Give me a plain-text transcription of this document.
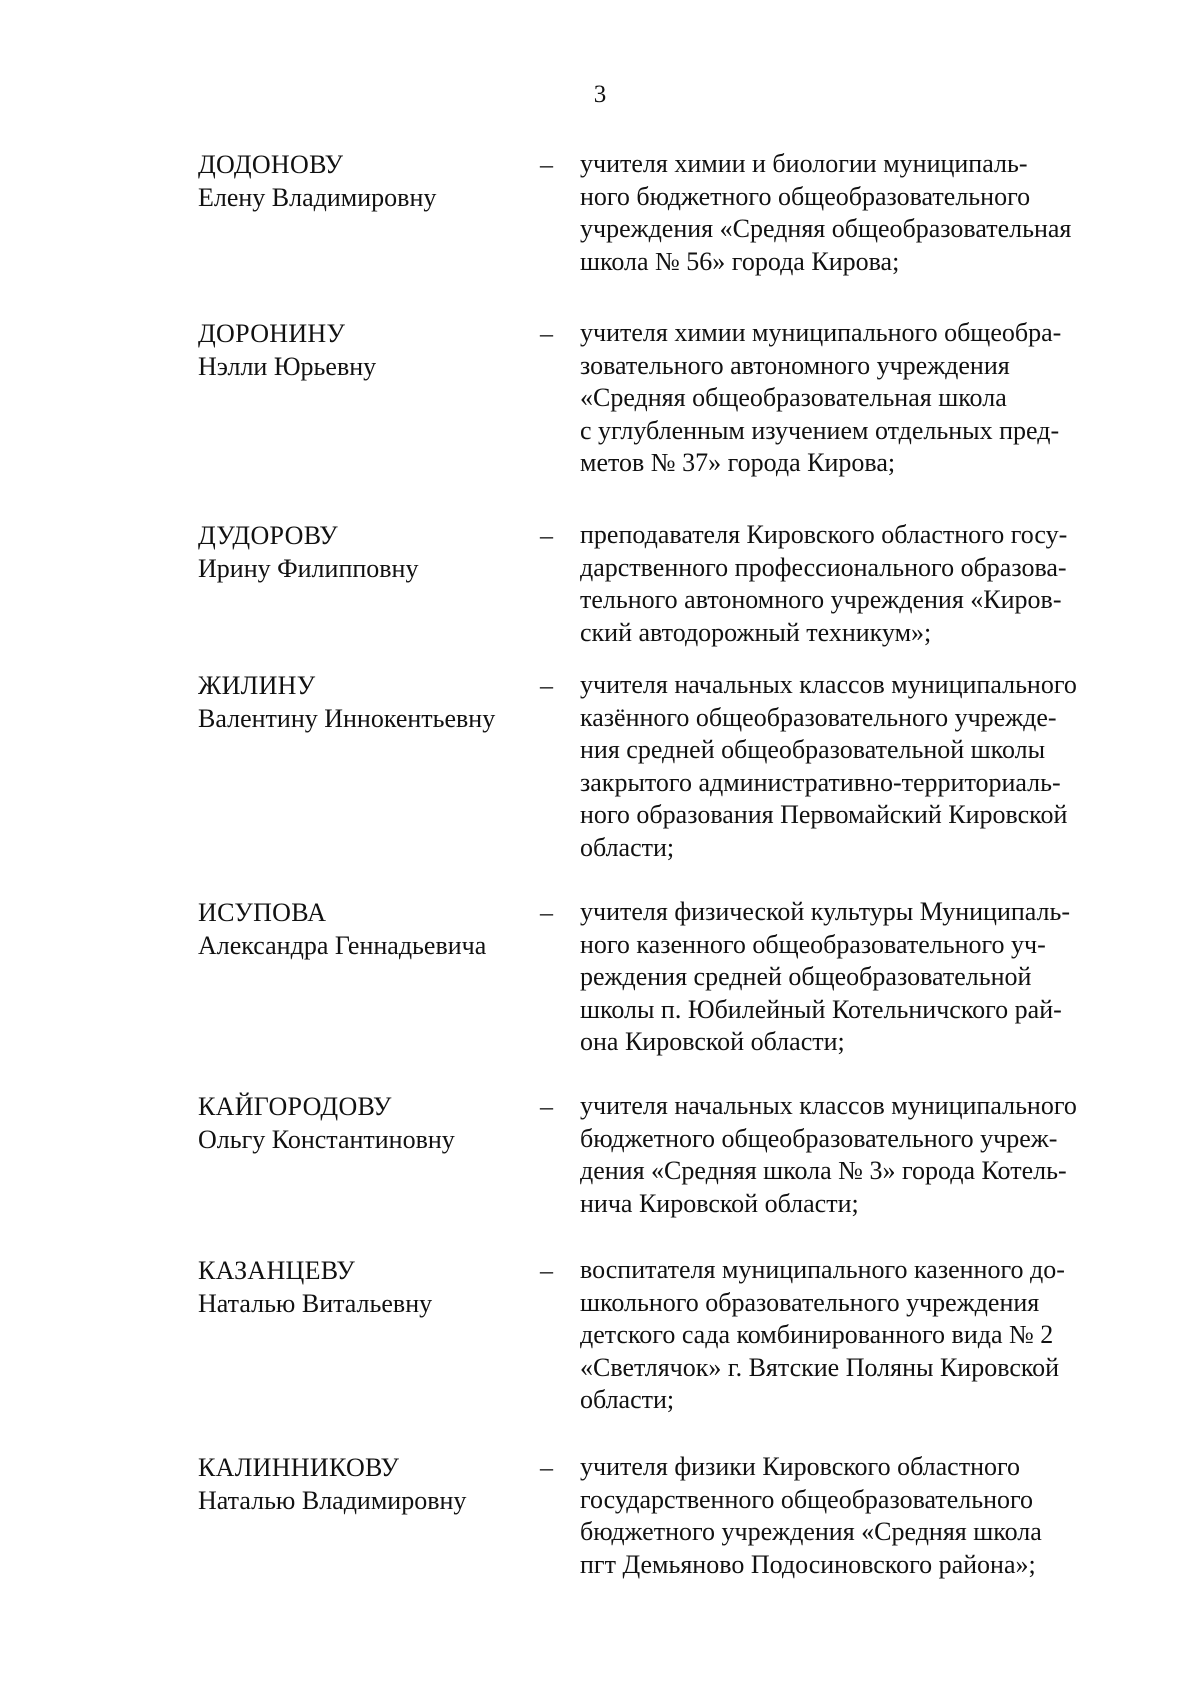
3
ДОДОНОВУ
Елену Владимировну
– учителя химии и биологии муниципаль-
ного бюджетного общеобразовательного
учреждения «Средняя общеобразовательная
школа № 56» города Кирова;
ДОРОНИНУ
Нэлли Юрьевну
– учителя химии муниципального общеобра-
зовательного автономного учреждения
«Средняя общеобразовательная школа
с углубленным изучением отдельных пред-
метов № 37» города Кирова;
ДУДОРОВУ
Ирину Филипповну
– преподавателя Кировского областного госу-
дарственного профессионального образова-
тельного автономного учреждения «Киров-
ский автодорожный техникум»;
ЖИЛИНУ
Валентину Иннокентьевну
– учителя начальных классов муниципального
казённого общеобразовательного учрежде-
ния средней общеобразовательной школы
закрытого административно-территориаль-
ного образования Первомайский Кировской
области;
ИСУПОВА
Александра Геннадьевича
– учителя физической культуры Муниципаль-
ного казенного общеобразовательного уч-
реждения средней общеобразовательной
школы п. Юбилейный Котельничского рай-
она Кировской области;
КАЙГОРОДОВУ
Ольгу Константиновну
– учителя начальных классов муниципального
бюджетного общеобразовательного учреж-
дения «Средняя школа № 3» города Котель-
нича Кировской области;
КАЗАНЦЕВУ
Наталью Витальевну
– воспитателя муниципального казенного до-
школьного образовательного учреждения
детского сада комбинированного вида № 2
«Светлячок» г. Вятские Поляны Кировской
области;
КАЛИННИКОВУ
Наталью Владимировну
– учителя физики Кировского областного
государственного общеобразовательного
бюджетного учреждения «Средняя школа
пгт Демьяново Подосиновского района»;
